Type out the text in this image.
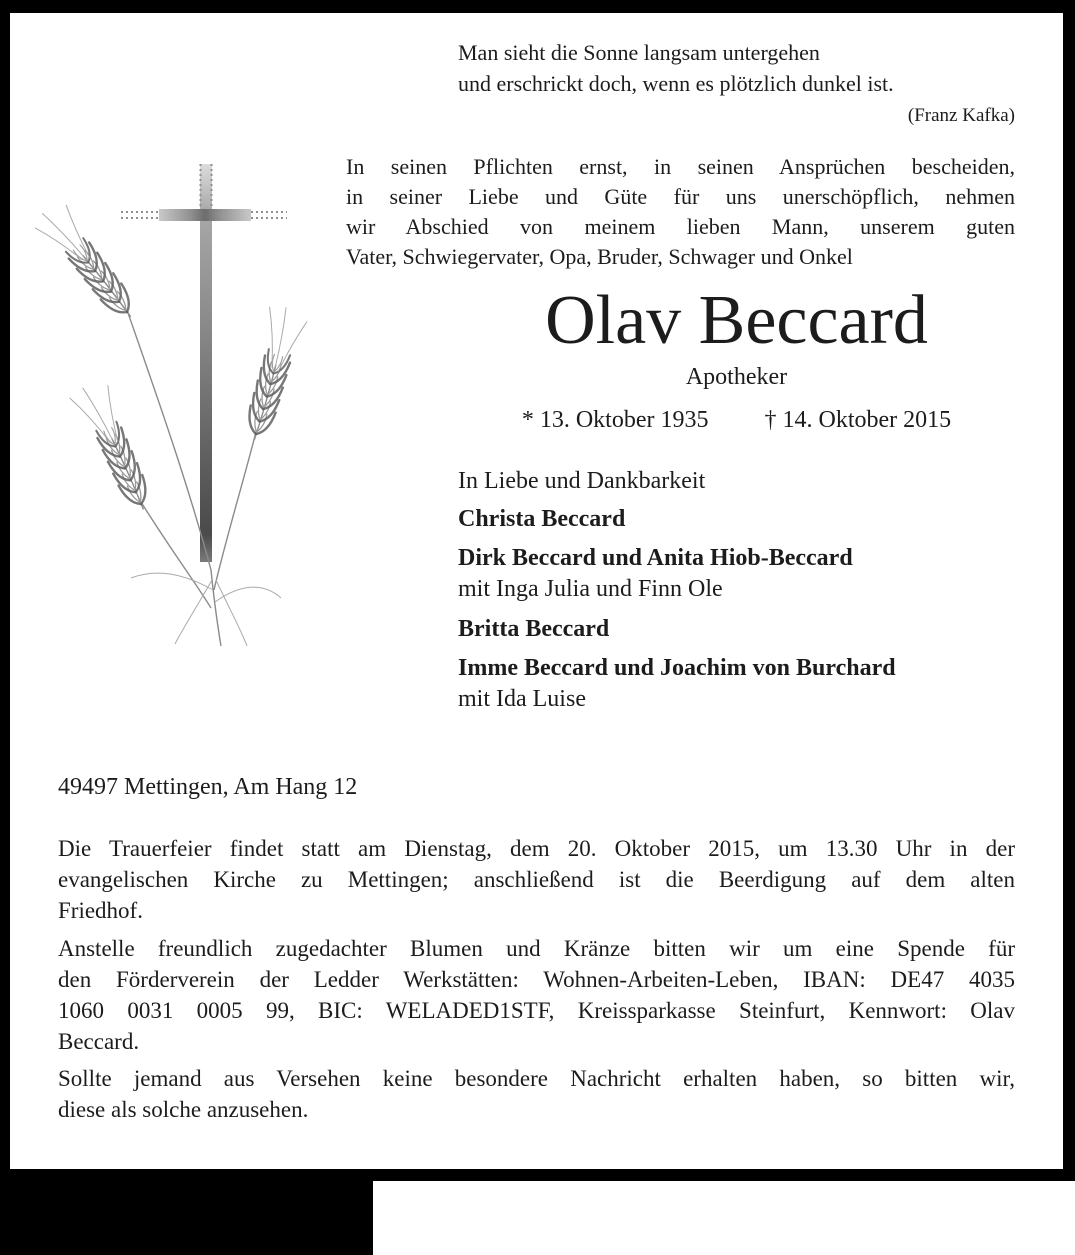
Man sieht die Sonne langsam untergehen
und erschrickt doch, wenn es plötzlich dunkel ist.
(Franz Kafka)
In seinen Pflichten ernst, in seinen Ansprüchen bescheiden,
in seiner Liebe und Güte für uns unerschöpflich, nehmen
wir Abschied von meinem lieben Mann, unserem guten
Vater, Schwiegervater, Opa, Bruder, Schwager und Onkel
Olav Beccard
Apotheker
* 13. Oktober 1935 † 14. Oktober 2015
In Liebe und Dankbarkeit
Christa Beccard
Dirk Beccard und Anita Hiob-Beccard
mit Inga Julia und Finn Ole
Britta Beccard
Imme Beccard und Joachim von Burchard
mit Ida Luise
49497 Mettingen, Am Hang 12
Die Trauerfeier findet statt am Dienstag, dem 20. Oktober 2015, um 13.30 Uhr in der
evangelischen Kirche zu Mettingen; anschließend ist die Beerdigung auf dem alten
Friedhof.
Anstelle freundlich zugedachter Blumen und Kränze bitten wir um eine Spende für
den Förderverein der Ledder Werkstätten: Wohnen-Arbeiten-Leben, IBAN: DE47 4035
1060 0031 0005 99, BIC: WELADED1STF, Kreissparkasse Steinfurt, Kennwort: Olav
Beccard.
Sollte jemand aus Versehen keine besondere Nachricht erhalten haben, so bitten wir,
diese als solche anzusehen.
